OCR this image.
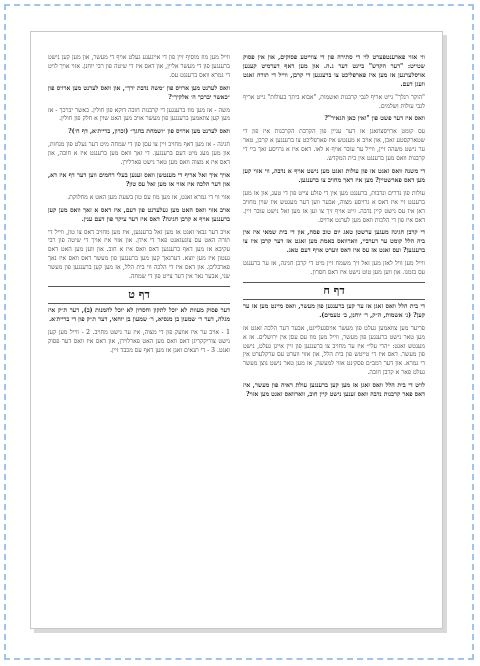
ווי אזוי פארענטפערט לוי די סתירה פון די צווייטע פסוקים, און אין פסוק שטייט: "דער הקדש" ביינט דער ג.ה. און מען דאף דערמיט קענען אויסלערנען אז מען איז פארפליכט צו ברענגען די קרבן, ווייל די תורה זאגט וועגן דעם.
"הוקר רגלך" גייט אריף לגבי קרבנות ואשמות, "אבוא ביתך בעולות" גייט אריף לגבי עולות ושלמים.
וואס איז דער פשט פון "ואין כאן הגאיר"?
עס קומט ארויסצוזאגן אז דער עניין פון הקרבת הקרבנות איז פון די שטארקסטע זאכן, און אויב א מענטש איז פארפליכט צו ברענגען א קרבן, טאר ער נישט משהה זיין, ווייל ער עובר אויף א לאו. דאס איז א גרויסע זאך ביי די קרבנות וואס מען ברענגט אין בית המקדש.
די משנה וואס זאגט אז פון עולות זאגט מען נישט אויף א נדבה, ווי אזוי קען מען דאס פארשטיין? מען איז דאך מחויב צו ברענגען.
עולות פון נדרים ונדבות, ברענגט מען אין די פולע צייט פון די טעג, און אז מען ברענגט זיי איז דאס א גרויסע מצוה, אבער ווען דער מענטש איז שוין מחויב דאן איז עס נישט קיין נדבה. זייט אויף זיך צו זען אז מען זאל נישט עובר זיין. דאס איז פון די הלכות וואס מען לערנט ארויס.
די קרבן חגיגה מעגען ערשטן טאג יום טוב פסח, און די בית שמאי איז אין ביה הלל קומט ער דערביי, ווארוואס באמת מען זאגט אז דער קרבן איז צו ברענגען? ועס זאגט אז עס איז דאס ווערט אויף דעם טאג.
ווייל מען וויל לאזן מען זאל זיך משמח זיין מיט די קרבן חגיגה, אז ער ברענגט עס בזמנו. און ווען מען טוט נישט איז דאס חסרון.
דף ח
די בית הלל וואס זאגן אז ער קען ברענגען פון מעשר, וואס מיינט מען אז ער קען? (נ׳ אשמות, ה״ק, ר׳ יוחנן, ב׳ טעמים).
פריער מען צוזאמען געלט פון מעשר אויסגעלייגט, אבער דער הלכה זאגט אז מען טאר נישט ברענגען פון מעשר, ווייל מען מוז עס עסן אין ירושלים. אז א מענטש זאגט: ״הרי עלי״ איז ער מחויב צו ברענגען פון זיין אייגן געלט, נישט פון מעשר. דאס איז די טייטש פון בית הלל, און אזוי ווערט עס ערקלערט אין די גמרא. און דער רמב״ם פסק׳נט אזוי למעשה, אז מען טאר נישט נוצן מעשר געלט פאר א קרבן חובה.
לויט די בית הלל וואס זאגן אז מען קען ברענגען עולת ראיה פון מעשר, איז דאס פאר קרבנות נדבה וואס זענען נישט קיין חוב, ווארוואס זאגט מען אזוי?
ווייל מען מוז מוסיף זיין פון די אייגענע געלט אויף די מעשר, און מען קען נישט ברענגען פון די מעשר אליין, און דאס איז די שיטה פון רבי יוחנן. אזוי אויך לויט די גמרא וואס ברענגט עס.
וואס לערנט מען ארויס פון ״משה נדבת ידך״, און וואס לערנט מען ארויס פון ״כאשר יברכך ה׳ אלקיך״?
משה - אז מען מוז ברענגען די קרבנות חובה דוקא פון חולין. כאשר יברכך - אז מען קען צוזאמען ברענגען פון מעשר אויב מען האט שוין א חלק פון חולין.
וואס לערנט מען ארויס פון ״ושמחת בחגך״ (זכרון, בריית׳א, דף ח׳)?
חגיגה - אז מען דאף מחויב זיין צו עסן פון די שמחה מיט דער געלט פון מנחות, און מען מעג מיט דעם ברענגען. די זאך וואס מען ברענגט איז א חובה, און דאס איז א מצוה וואס מען טאר נישט פארלירן.
אויך איך זאל אריף די מענטשן וואס זענען בעלי רחמים ווען דער דף איז דא, און דער הלכה איז אזוי אז מען זאל עס טון?
אזוי ווי די גמרא זאגט, אז מען מוז עס טון בשעת מען האט א מחלוקת.
אויב אזוי וואס האט מען געלערנט פון דעם, איז דאס א זאך וואס מען קען ברענגען אויף א קרבן חגיגה? דאס איז דער עיקר פון דעם ענין.
אויב דער גבאי זאגט אז מען זאל ברענגען, איז מען מחויב דאס צו טון, ווייל די תורה האט עס צוגעזאגט פאר די אידן. און אזוי איז אויך די שיטה פון רבי עקיבא אז מען דאף ברענגען דאס וואס איז א חוב. און ווען מען האט דאס געטון איז מען יוצא. דערנאך קען מען ברענגען פון מעשר דאס וואס איז נאך פארבליבן. און דאס איז די הלכה ווי בית הלל, אז מען קען ברענגען פון מעשר שני, אבער נאר אין דער צייט פון די שמחה.
דף ט
דער פסוק מעוות לא יוכל לתקון וחסרון לא יוכל להמנות (ב), דער ת״ק איז מגלה, דער ר׳ שמעון בן מנסיא, ר׳ שמעון בן יוחאי, דער ת״ק פון די בריית׳א.
1 - אויב ער איז אוועק פון די מצוה, איז ער נישט מחויב. 2 - ווייל מען קען נישט צוריקקריגן דאס וואס מען האט פארלוירן, און דאס איז וואס דער פסוק זאגט. 3 - די תנאים זאגן אז מען דאף עס מכבד זיין.
